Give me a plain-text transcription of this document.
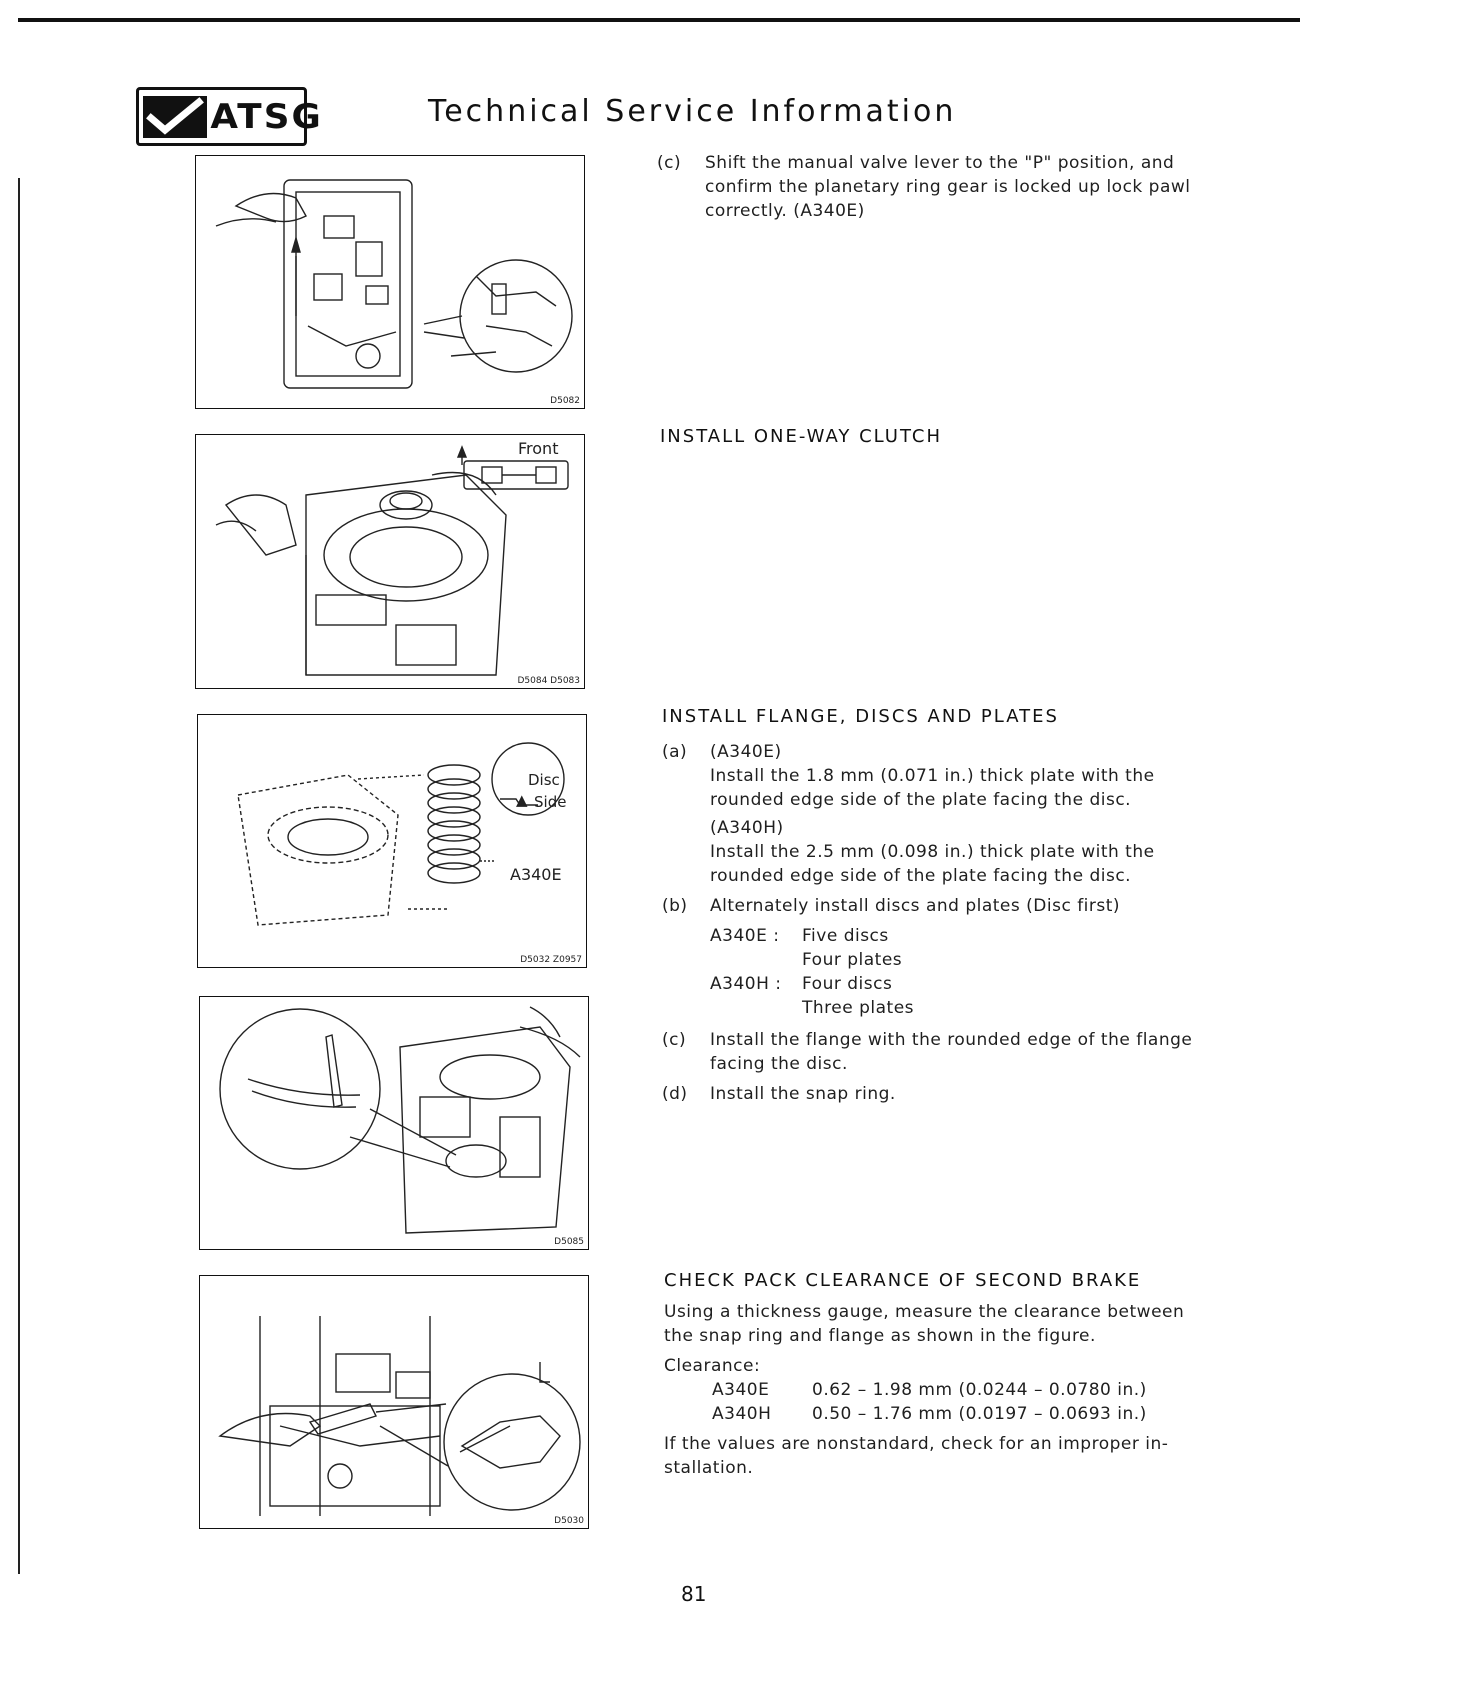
ATSG	Technical Service Information
D5082
Front
D5084 D5083
Disc
▲ Side
A340E
D5032 Z0957
D5085
D5030
(c)	Shift the manual valve lever to the "P" position, and
confirm the planetary ring gear is locked up lock pawl
correctly. (A340E)
INSTALL ONE-WAY CLUTCH
INSTALL FLANGE, DISCS AND PLATES
(a)	(A340E)
Install the 1.8 mm (0.071 in.) thick plate with the
rounded edge side of the plate facing the disc.
(A340H)
Install the 2.5 mm (0.098 in.) thick plate with the
rounded edge side of the plate facing the disc.
(b)	Alternately install discs and plates (Disc first)
A340E :	Five discs
Four plates
A340H :	Four discs
Three plates
(c)	Install the flange with the rounded edge of the flange
facing the disc.
(d)	Install the snap ring.
CHECK PACK CLEARANCE OF SECOND BRAKE
Using a thickness gauge, measure the clearance between
the snap ring and flange as shown in the figure.
Clearance:
A340E	0.62 – 1.98 mm (0.0244 – 0.0780 in.)
A340H	0.50 – 1.76 mm (0.0197 – 0.0693 in.)
If the values are nonstandard, check for an improper in-
stallation.
81
